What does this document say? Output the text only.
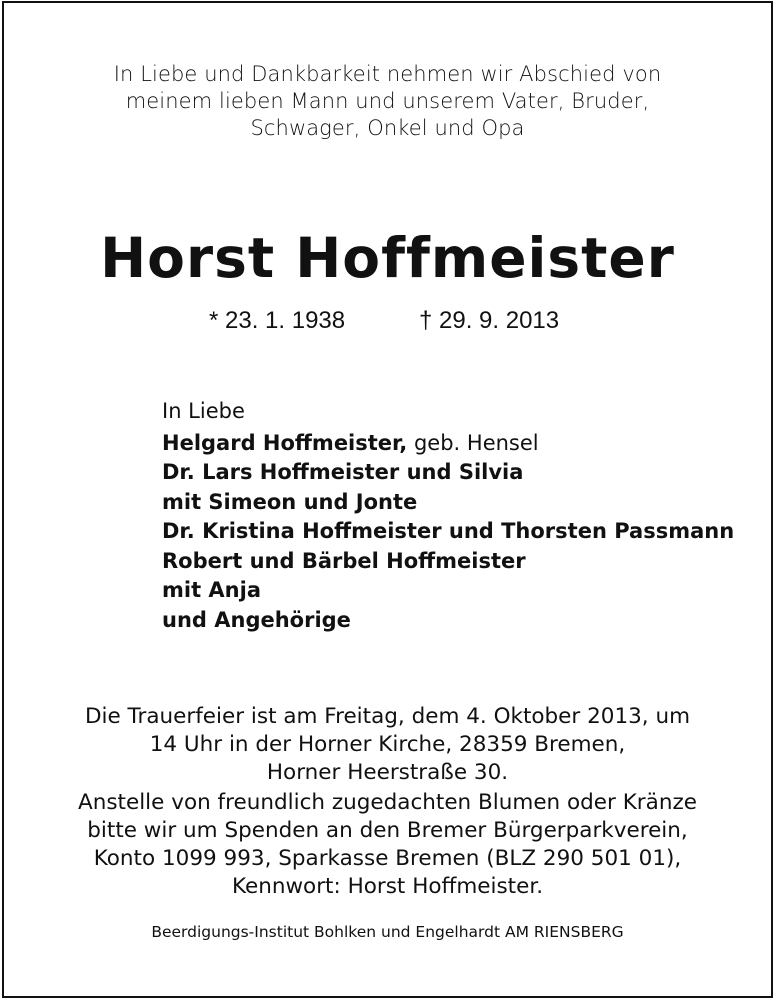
In Liebe und Dankbarkeit nehmen wir Abschied von
meinem lieben Mann und unserem Vater, Bruder,
Schwager, Onkel und Opa
Horst Hoffmeister
* 23. 1. 1938	† 29. 9. 2013
In Liebe
Helgard Hoffmeister, geb. Hensel
Dr. Lars Hoffmeister und Silvia
mit Simeon und Jonte
Dr. Kristina Hoffmeister und Thorsten Passmann
Robert und Bärbel Hoffmeister
mit Anja
und Angehörige
Die Trauerfeier ist am Freitag, dem 4. Oktober 2013, um
14 Uhr in der Horner Kirche, 28359 Bremen,
Horner Heerstraße 30.
Anstelle von freundlich zugedachten Blumen oder Kränze
bitte wir um Spenden an den Bremer Bürgerparkverein,
Konto 1099 993, Sparkasse Bremen (BLZ 290 501 01),
Kennwort: Horst Hoffmeister.
Beerdigungs-Institut Bohlken und Engelhardt AM RIENSBERG
